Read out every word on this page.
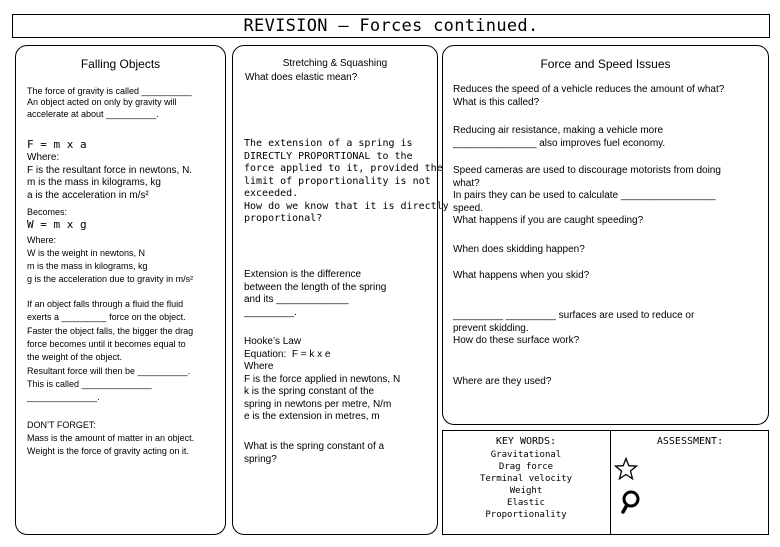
REVISION – Forces continued.
Falling Objects
The force of gravity is called __________
An object acted on only by gravity will
accelerate at about __________.
F = m x a
Where:
F is the resultant force in newtons, N.
m is the mass in kilograms, kg
a is the acceleration in m/s²
Becomes:
W = m x g
Where:
W is the weight in newtons, N
m is the mass in kilograms, kg
g is the acceleration due to gravity in m/s²
If an object falls through a fluid the fluid
exerts a _________ force on the object.
Faster the object falls, the bigger the drag
force becomes until it becomes equal to
the weight of the object.
Resultant force will then be __________.
This is called ______________
______________.
DON’T FORGET:
Mass is the amount of matter in an object.
Weight is the force of gravity acting on it.
Stretching & Squashing
What does elastic mean?
The extension of a spring is
DIRECTLY PROPORTIONAL to the
force applied to it, provided the
limit of proportionality is not
exceeded.
How do we know that it is directly
proportional?
Extension is the difference
between the length of the spring
and its _____________
_________.
Hooke’s Law
Equation:  F = k x e
Where
F is the force applied in newtons, N
k is the spring constant of the
spring in newtons per metre, N/m
e is the extension in metres, m
What is the spring constant of a
spring?
Force and Speed Issues
Reduces the speed of a vehicle reduces the amount of what?
What is this called?
Reducing air resistance, making a vehicle more
_______________ also improves fuel economy.
Speed cameras are used to discourage motorists from doing
what?
In pairs they can be used to calculate _________________
speed.
What happens if you are caught speeding?
When does skidding happen?
What happens when you skid?
_________ _________ surfaces are used to reduce or
prevent skidding.
How do these surface work?
Where are they used?
KEY WORDS:
Gravitational
Drag force
Terminal velocity
Weight
Elastic
Proportionality
ASSESSMENT:
